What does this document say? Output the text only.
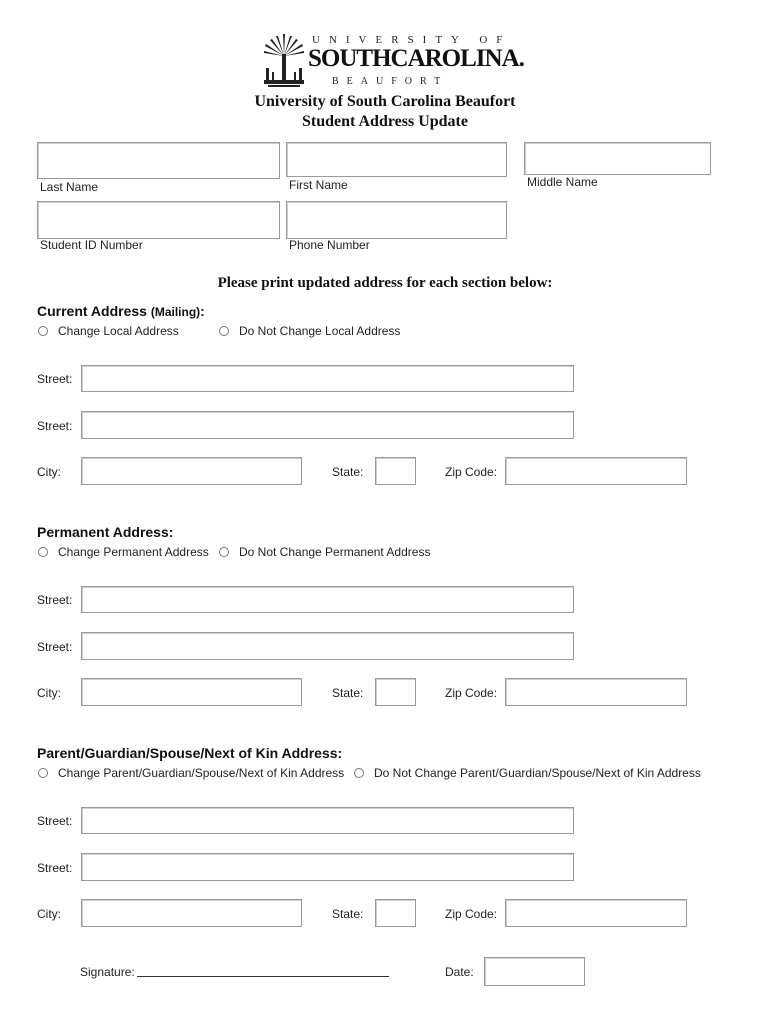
UNIVERSITY OF
SOUTHCAROLINA.
BEAUFORT
University of South Carolina Beaufort
Student Address Update
Last Name	First Name	Middle Name
Student ID Number	Phone Number
Please print updated address for each section below:
Current Address (Mailing):
Change Local Address	Do Not Change Local Address
Street:
Street:
City:	State:	Zip Code:
Permanent Address:
Change Permanent Address	Do Not Change Permanent Address
Street:
Street:
City:	State:	Zip Code:
Parent/Guardian/Spouse/Next of Kin Address:
Change Parent/Guardian/Spouse/Next of Kin Address Do Not Change Parent/Guardian/Spouse/Next of Kin Address
Street:
Street:
City:	State:	Zip Code:
Signature:	Date:
